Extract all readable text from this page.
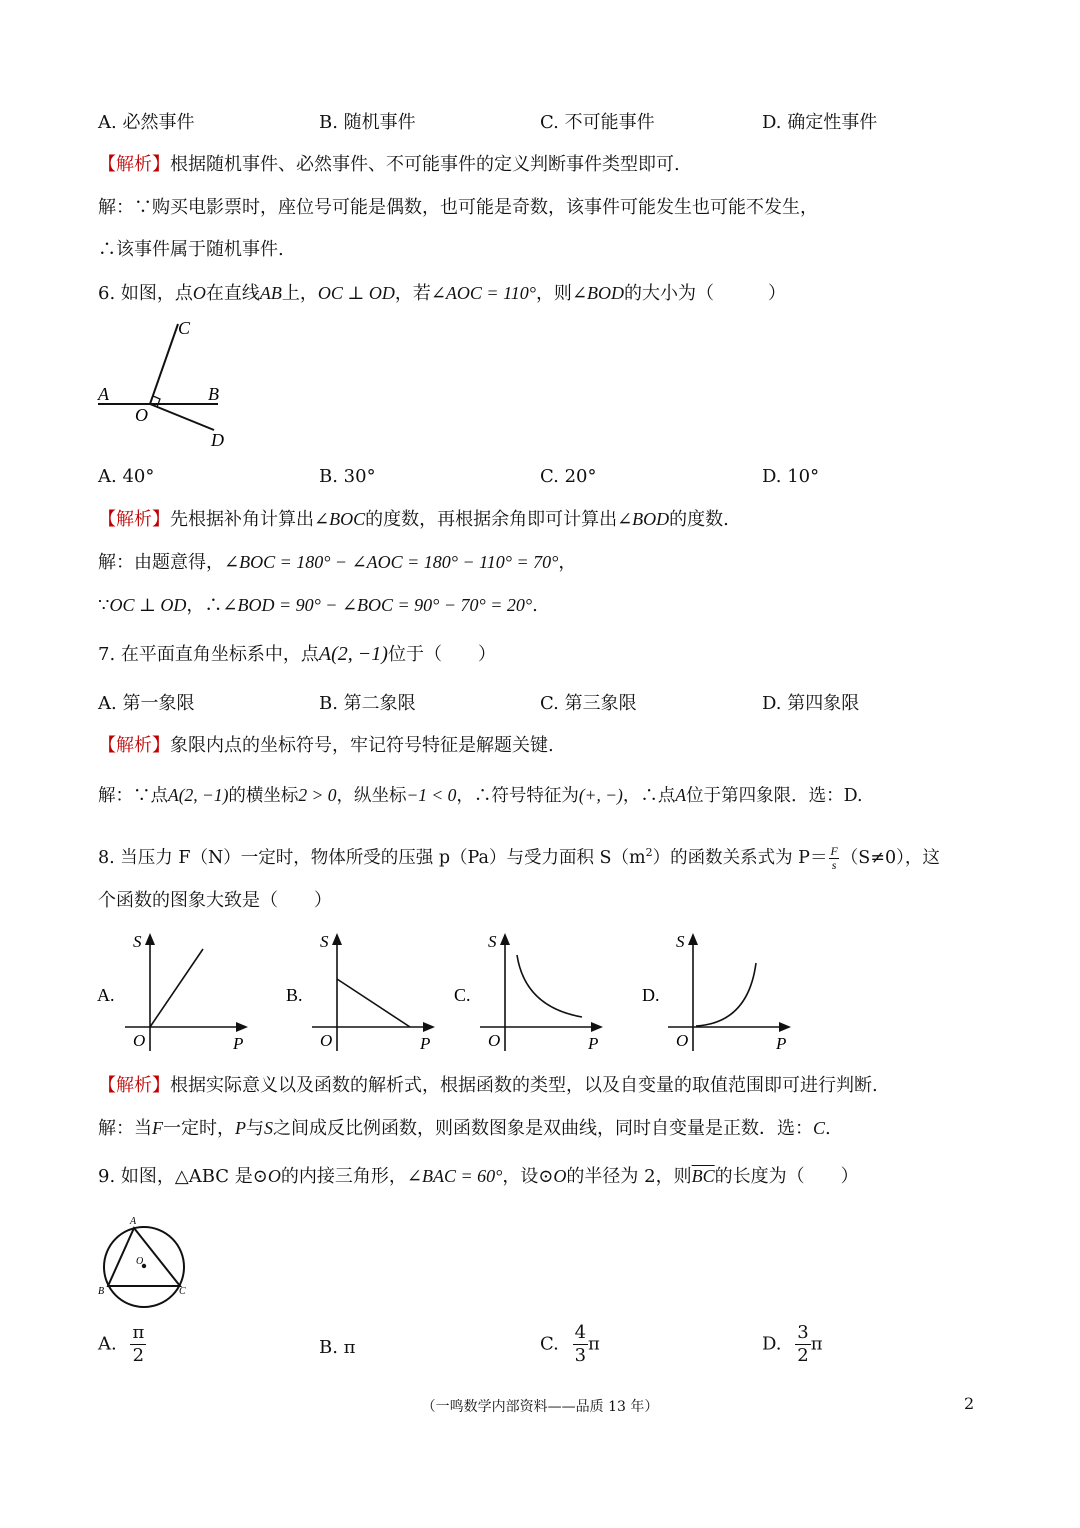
A. 必然事件	B. 随机事件	C. 不可能事件	D. 确定性事件
【解析】根据随机事件、必然事件、不可能事件的定义判断事件类型即可.
解：∵购买电影票时，座位号可能是偶数，也可能是奇数，该事件可能发生也可能不发生，
∴该事件属于随机事件.
6. 如图，点O在直线AB上，OC ⊥ OD，若∠AOC = 110°，则∠BOD的大小为（　　　）
A	B
C
D
O
A. 40°	B. 30°	C. 20°	D. 10°
【解析】先根据补角计算出∠BOC的度数，再根据余角即可计算出∠BOD的度数.
解：由题意得，∠BOC = 180° − ∠AOC = 180° − 110° = 70°，
∵OC ⊥ OD，∴∠BOD = 90° − ∠BOC = 90° − 70° = 20°.
7. 在平面直角坐标系中，点A(2, −1)位于（　　）
A. 第一象限	B. 第二象限	C. 第三象限	D. 第四象限
【解析】象限内点的坐标符号，牢记符号特征是解题关键.
解：∵点A(2, −1)的横坐标2 > 0，纵坐标−1 < 0，∴符号特征为(+, −)，∴点A位于第四象限．选：D.
8. 当压力 F（N）一定时，物体所受的压强 p（Pa）与受力面积 $S(m^2)$的函数关系式为 $P= \frac{F}{s} (S\ne 0)$，这
个函数的图象大致是（　　）
A.
S
P
O
B.
S
P
O
C.
S
P
O
D.
S
P
O
【解析】根据实际意义以及函数的解析式，根据函数的类型，以及自变量的取值范围即可进行判断.
解：当F一定时，P与S之间成反比例函数，则函数图象是双曲线，同时自变量是正数．选：C.
9. 如图，△ABC 是⊙O的内接三角形，∠BAC = 60°，设⊙O的半径为 2，则$\overline{BC}$的长度为（　　）
A
B	C
O
A. $\frac{\pi}{2}$	B. π	C. $\frac{4}{3}$ π	D. $\frac{3}{2}$ π
（一鸣数学内部资料——品质 13 年）	2
